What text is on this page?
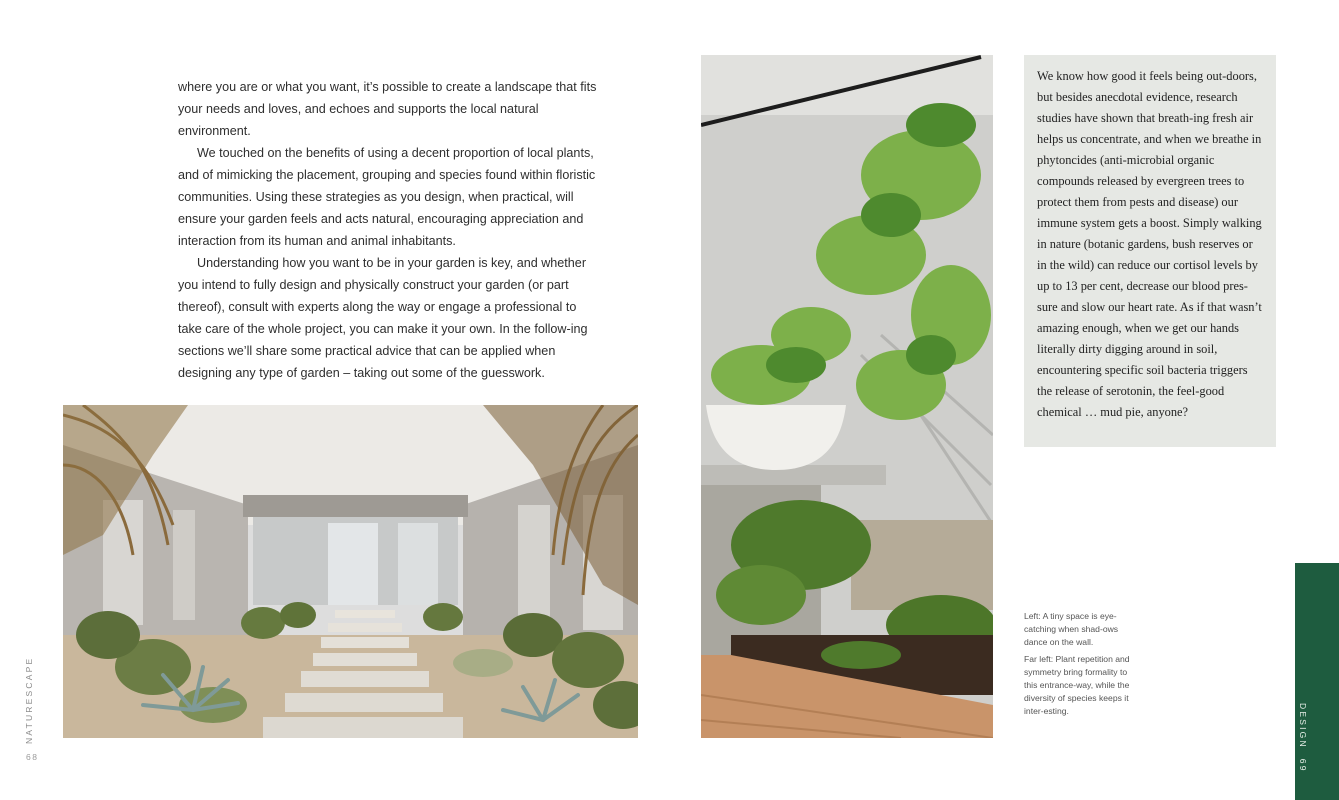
where you are or what you want, it’s possible to create a landscape that fits your needs and loves, and echoes and supports the local natural environment.

We touched on the benefits of using a decent proportion of local plants, and of mimicking the placement, grouping and species found within floristic communities. Using these strategies as you design, when practical, will ensure your garden feels and acts natural, encouraging appreciation and interaction from its human and animal inhabitants.

Understanding how you want to be in your garden is key, and whether you intend to fully design and physically construct your garden (or part thereof), consult with experts along the way or engage a professional to take care of the whole project, you can make it your own. In the follow-ing sections we’ll share some practical advice that can be applied when designing any type of garden – taking out some of the guesswork.

NATURESCAPE
68

We know how good it feels being out-doors, but besides anecdotal evidence, research studies have shown that breath-ing fresh air helps us concentrate, and when we breathe in phytoncides (anti-microbial organic compounds released by evergreen trees to protect them from pests and disease) our immune system gets a boost. Simply walking in nature (botanic gardens, bush reserves or in the wild) can reduce our cortisol levels by up to 13 per cent, decrease our blood pres-sure and slow our heart rate. As if that wasn’t amazing enough, when we get our hands literally dirty digging around in soil, encountering specific soil bacteria triggers the release of serotonin, the feel-good chemical … mud pie, anyone?

Left: A tiny space is eye-catching when shad-ows dance on the wall.

Far left: Plant repetition and symmetry bring formality to this entrance-way, while the diversity of species keeps it inter-esting.	DESIGN69
